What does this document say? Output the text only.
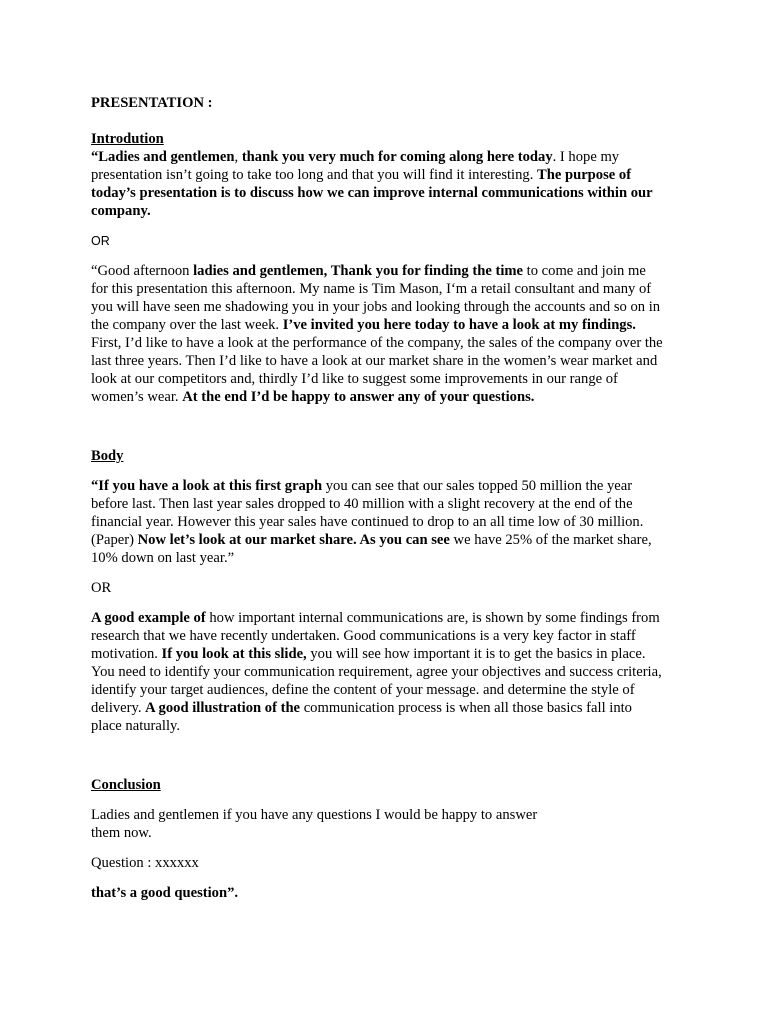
PRESENTATION :

Introdution

“Ladies and gentlemen, thank you very much for coming along here today. I hope my presentation isn’t going to take too long and that you will find it interesting. The purpose of today’s presentation is to discuss how we can improve internal communications within our company.

OR

“Good afternoon ladies and gentlemen, Thank you for finding the time to come and join me for this presentation this afternoon. My name is Tim Mason, I‘m a retail consultant and many of you will have seen me shadowing you in your jobs and looking through the accounts and so on in the company over the last week. I’ve invited you here today to have a look at my findings. First, I’d like to have a look at the performance of the company, the sales of the company over the last three years. Then I’d like to have a look at our market share in the women’s wear market and look at our competitors and, thirdly I’d like to suggest some improvements in our range of women’s wear. At the end I’d be happy to answer any of your questions.

Body

“If you have a look at this first graph you can see that our sales topped 50 million the year before last. Then last year sales dropped to 40 million with a slight recovery at the end of the financial year. However this year sales have continued to drop to an all time low of 30 million. (Paper) Now let’s look at our market share. As you can see we have 25% of the market share, 10% down on last year.”

OR

A good example of how important internal communications are, is shown by some findings from research that we have recently undertaken. Good communications is a very key factor in staff motivation. If you look at this slide, you will see how important it is to get the basics in place. You need to identify your communication requirement, agree your objectives and success criteria, identify your target audiences, define the content of your message. and determine the style of delivery. A good illustration of the communication process is when all those basics fall into place naturally.

Conclusion

Ladies and gentlemen if you have any questions I would be happy to answer them now.

Question : xxxxxx

that’s a good question”.
